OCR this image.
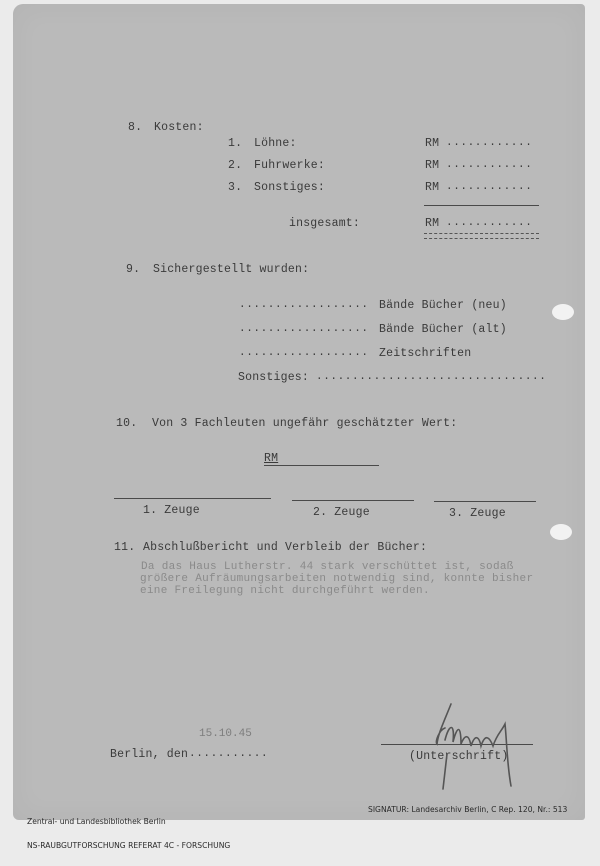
8. Kosten:
1. Löhne:	RM ............
2. Fuhrwerke:	RM ............
3. Sonstiges:	RM ............
insgesamt:	RM ............
9. Sichergestellt wurden:
.................. Bände Bücher (neu)
.................. Bände Bücher (alt)
.................. Zeitschriften
Sonstiges: ................................
10. Von 3 Fachleuten ungefähr geschätzter Wert:
RM
1. Zeuge	2. Zeuge	3. Zeuge
11. Abschlußbericht und Verbleib der Bücher:
Da das Haus Lutherstr. 44 stark verschüttet ist, sodaß
größere Aufräumungsarbeiten notwendig sind, konnte bisher
eine Freilegung nicht durchgeführt werden.
15.10.45
Berlin, den ...........	(Unterschrift)

Zentral- und Landesbibliothek Berlin

NS-RAUBGUTFORSCHUNG REFERAT 4C - FORSCHUNG

SIGNATUR: Landesarchiv Berlin, C Rep. 120, Nr.: 513
